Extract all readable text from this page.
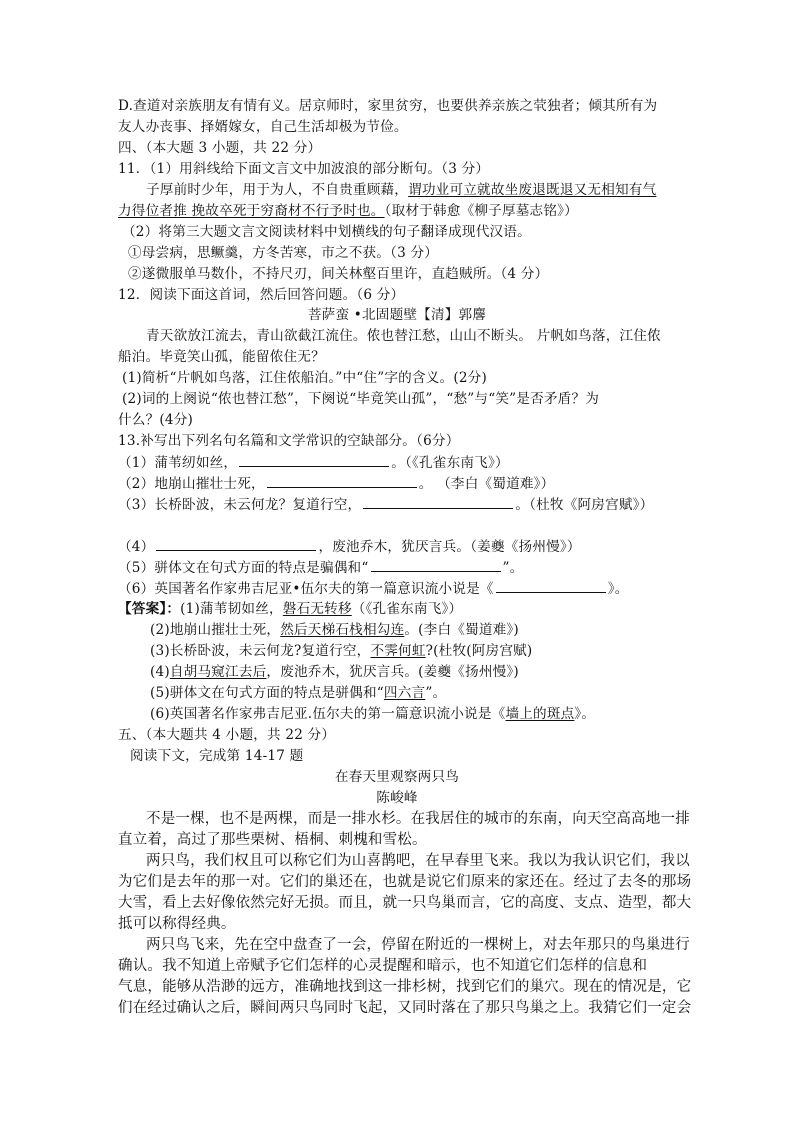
D.查道对亲族朋友有情有义。居京师时，家里贫穷，也要供养亲族之茕独者；倾其所有为
友人办丧事、择婿嫁女，自己生活却极为节俭。
四、（本大题 3 小题，共 22 分）
11．（1）用斜线给下面文言文中加波浪的部分断句。（3 分）
子厚前时少年，用于为人，不自贵重顾藉，谓功业可立就故坐废退既退又无相知有气
力得位者推 挽故卒死于穷裔材不行予时也。（取材于韩愈《柳子厚墓志铭》）
（2）将第三大题文言文阅读材料中划横线的句子翻译成现代汉语。
①母尝病，思鳜羹，方冬苦寒，市之不获。（3 分）
②遂微服单马数仆，不持尺刃，间关林壑百里许，直趋贼所。（4 分）
12．阅读下面这首词，然后回答问题。（6 分）
菩萨蛮 •北固题壁【清】郭麐
青天欲放江流去，青山欲截江流住。侬也替江愁，山山不断头。 片帆如鸟落，江住侬
船泊。毕竟笑山孤，能留侬住无？
(1)简析“片帆如鸟落，江住侬船泊。”中“住”字的含义。(2分)
(2)词的上阕说“侬也替江愁”，下阕说“毕竟笑山孤”，“愁”与“笑”是否矛盾？为
什么？(4分)
13.补写出下列名句名篇和文学常识的空缺部分。（6分）
（1）蒲苇纫如丝，	。（《孔雀东南飞》）
（2）地崩山摧壮士死，	。 （李白《蜀道难》）
（3）长桥卧波，未云何龙？复道行空，	。（杜牧《阿房宫赋》）
（4）	，废池乔木，犹厌言兵。（姜夔《扬州慢》）
（5）骈体文在句式方面的特点是骗偶和“	”。
（6）英国著名作家弗吉尼亚•伍尔夫的第一篇意识流小说是《	》。
【答案】：(1)蒲苇韧如丝，磐石无转移（《孔雀东南飞》）
(2)地崩山摧壮士死，然后天梯石栈相勾连。(李白《蜀道难》)
(3)长桥卧波，未云何龙?复道行空，不霁何虹?(杜牧(阿房宫赋)
(4)自胡马窥江去后，废池乔木，犹厌言兵。(姜夔《扬州慢》)
(5)骈体文在句式方面的特点是骈偶和“四六言”。
(6)英国著名作家弗吉尼亚.伍尔夫的第一篇意识流小说是《墙上的斑点》。
五、（本大题共 4 小题，共 22 分）
阅读下文，完成第 14-17 题
在春天里观察两只鸟
陈峻峰
不是一棵，也不是两棵，而是一排水杉。在我居住的城市的东南，向天空高高地一排
直立着，高过了那些栗树、梧桐、刺槐和雪松。
两只鸟，我们权且可以称它们为山喜鹊吧，在早春里飞来。我以为我认识它们，我以
为它们是去年的那一对。它们的巢还在，也就是说它们原来的家还在。经过了去冬的那场
大雪，看上去好像依然完好无损。而且，就一只鸟巢而言，它的高度、支点、造型，都大
抵可以称得经典。
两只鸟飞来，先在空中盘查了一会，停留在附近的一棵树上，对去年那只的鸟巢进行
确认。我不知道上帝赋予它们怎样的心灵提醒和暗示，也不知道它们怎样的信息和
气息，能够从浩渺的远方，准确地找到这一排杉树，找到它们的巢穴。现在的情况是，它
们在经过确认之后，瞬间两只鸟同时飞起，又同时落在了那只鸟巢之上。我猜它们一定会
